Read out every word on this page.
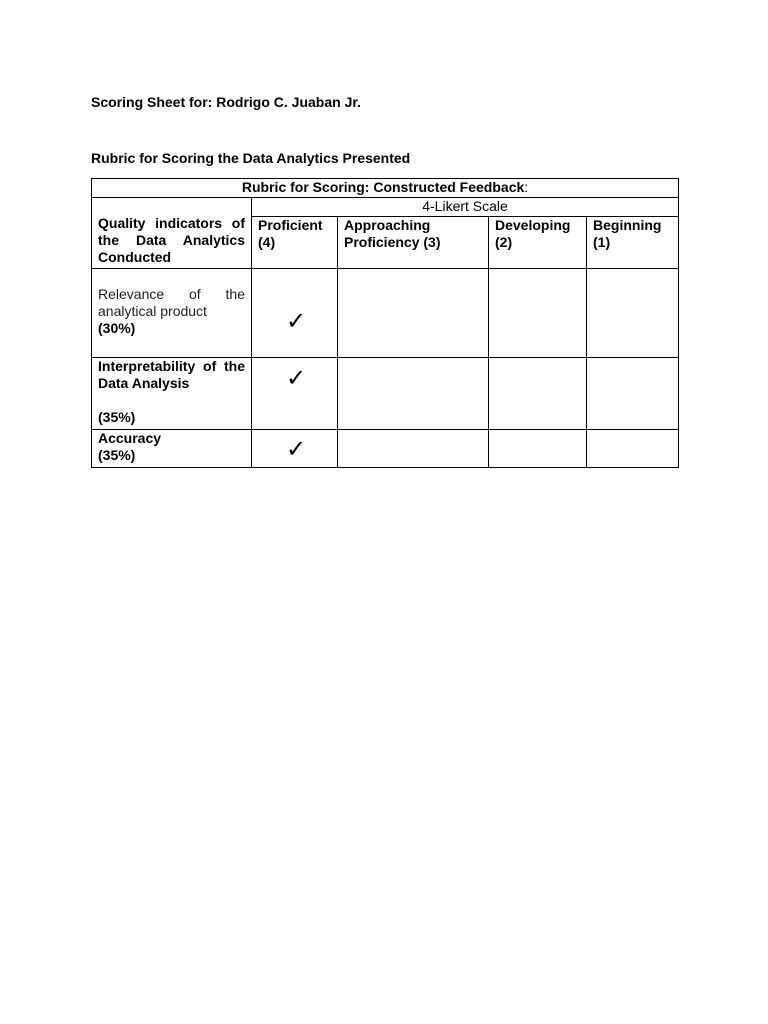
Scoring Sheet for: Rodrigo C. Juaban Jr.
Rubric for Scoring the Data Analytics Presented
Rubric for Scoring: Constructed Feedback:				
Quality indicators of the Data Analytics Conducted	4-Likert Scale			
	Proficient (4)	Approaching Proficiency (3)	Developing (2)	Beginning (1)

Relevance of the analytical product
(30%)	✓			

Interpretability of the Data Analysis
(35%)	✓			

Accuracy
(35%)	✓			
